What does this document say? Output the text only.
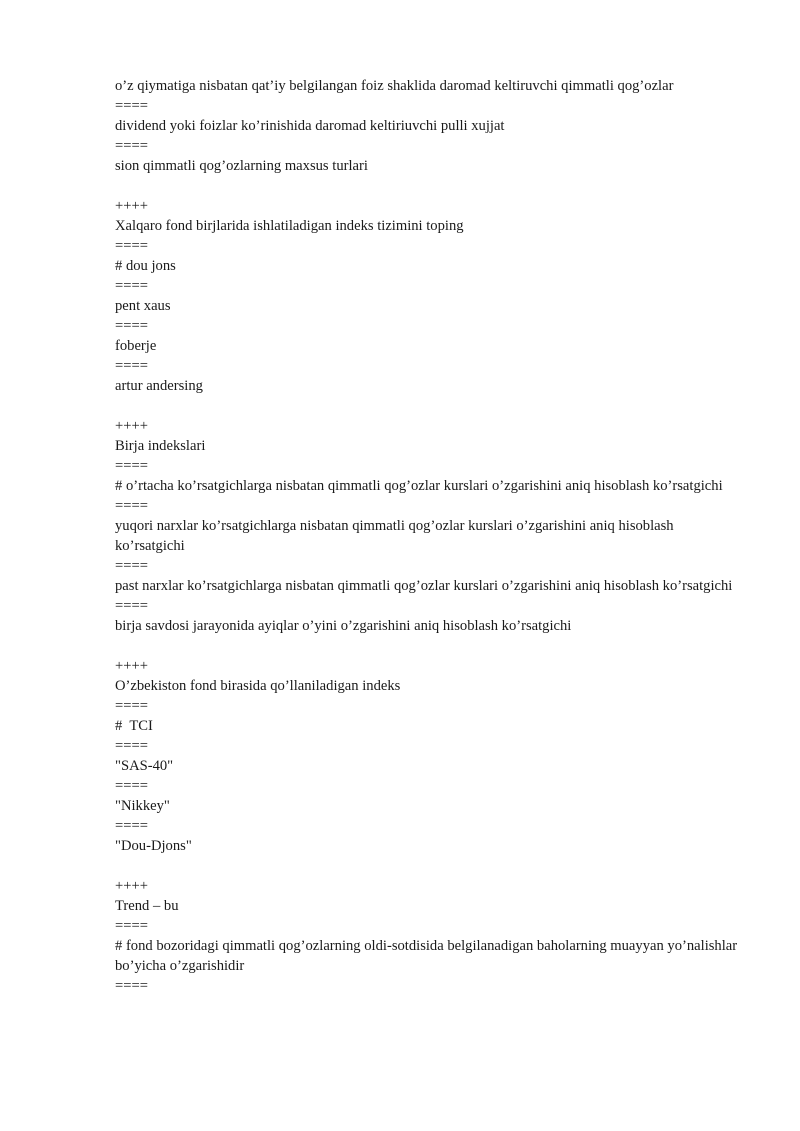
o’z qiymatiga nisbatan qat’iy belgilangan foiz shaklida daromad keltiruvchi qimmatli qog’ozlar

====

dividend yoki foizlar ko’rinishida daromad keltiriuvchi pulli xujjat

====

sion qimmatli qog’ozlarning maxsus turlari

++++

Xalqaro fond birjlarida ishlatiladigan indeks tizimini toping

====

# dou jons

====

pent xaus

====

foberje

====

artur andersing

++++

Birja indekslari

====

# o’rtacha ko’rsatgichlarga nisbatan qimmatli qog’ozlar kurslari o’zgarishini aniq hisoblash ko’rsatgichi

====

yuqori narxlar ko’rsatgichlarga nisbatan qimmatli qog’ozlar kurslari o’zgarishini aniq hisoblash ko’rsatgichi

====

past narxlar ko’rsatgichlarga nisbatan qimmatli qog’ozlar kurslari o’zgarishini aniq hisoblash ko’rsatgichi

====

birja savdosi jarayonida ayiqlar o’yini o’zgarishini aniq hisoblash ko’rsatgichi

++++

O’zbekiston fond birasida qo’llaniladigan indeks

====

#  TCI

====

"SAS-40"

====

"Nikkey"

====

"Dou-Djons"

++++

Trend – bu

====

# fond bozoridagi qimmatli qog’ozlarning oldi-sotdisida belgilanadigan baholarning muayyan yo’nalishlar bo’yicha o’zgarishidir

====
